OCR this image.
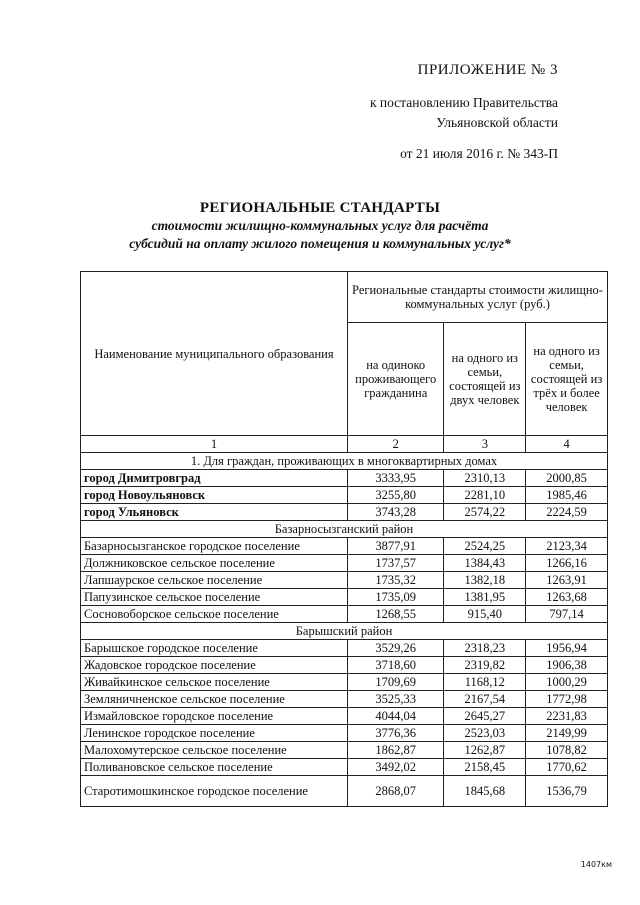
ПРИЛОЖЕНИЕ № 3
к постановлению Правительства
Ульяновской области
от 21 июля 2016 г. № 343-П
РЕГИОНАЛЬНЫЕ СТАНДАРТЫ
стоимости жилищно-коммунальных услуг для расчёта
субсидий на оплату жилого помещения и коммунальных услуг*
Наименование муниципального образования	Региональные стандарты стоимости жилищно-коммунальных услуг (руб.)		
	на одиноко проживающего гражданина	на одного из семьи, состоящей из двух человек	на одного из семьи, состоящей из трёх и более человек
1	2	3	4
1. Для граждан, проживающих в многоквартирных домах			
город Димитровград	3333,95	2310,13	2000,85
город Новоульяновск	3255,80	2281,10	1985,46
город Ульяновск	3743,28	2574,22	2224,59
Базарносызганский район			
Базарносызганское городское поселение	3877,91	2524,25	2123,34
Должниковское сельское поселение	1737,57	1384,43	1266,16
Лапшаурское сельское поселение	1735,32	1382,18	1263,91
Папузинское сельское поселение	1735,09	1381,95	1263,68
Сосновоборское сельское поселение	1268,55	915,40	797,14
Барышский район			
Барышское городское поселение	3529,26	2318,23	1956,94
Жадовское городское поселение	3718,60	2319,82	1906,38
Живайкинское сельское поселение	1709,69	1168,12	1000,29
Земляничненское сельское поселение	3525,33	2167,54	1772,98
Измайловское городское поселение	4044,04	2645,27	2231,83
Ленинское городское поселение	3776,36	2523,03	2149,99
Малохомутерское сельское поселение	1862,87	1262,87	1078,82
Поливановское сельское поселение	3492,02	2158,45	1770,62
Старотимошкинское городское поселение	2868,07	1845,68	1536,79
1407км
